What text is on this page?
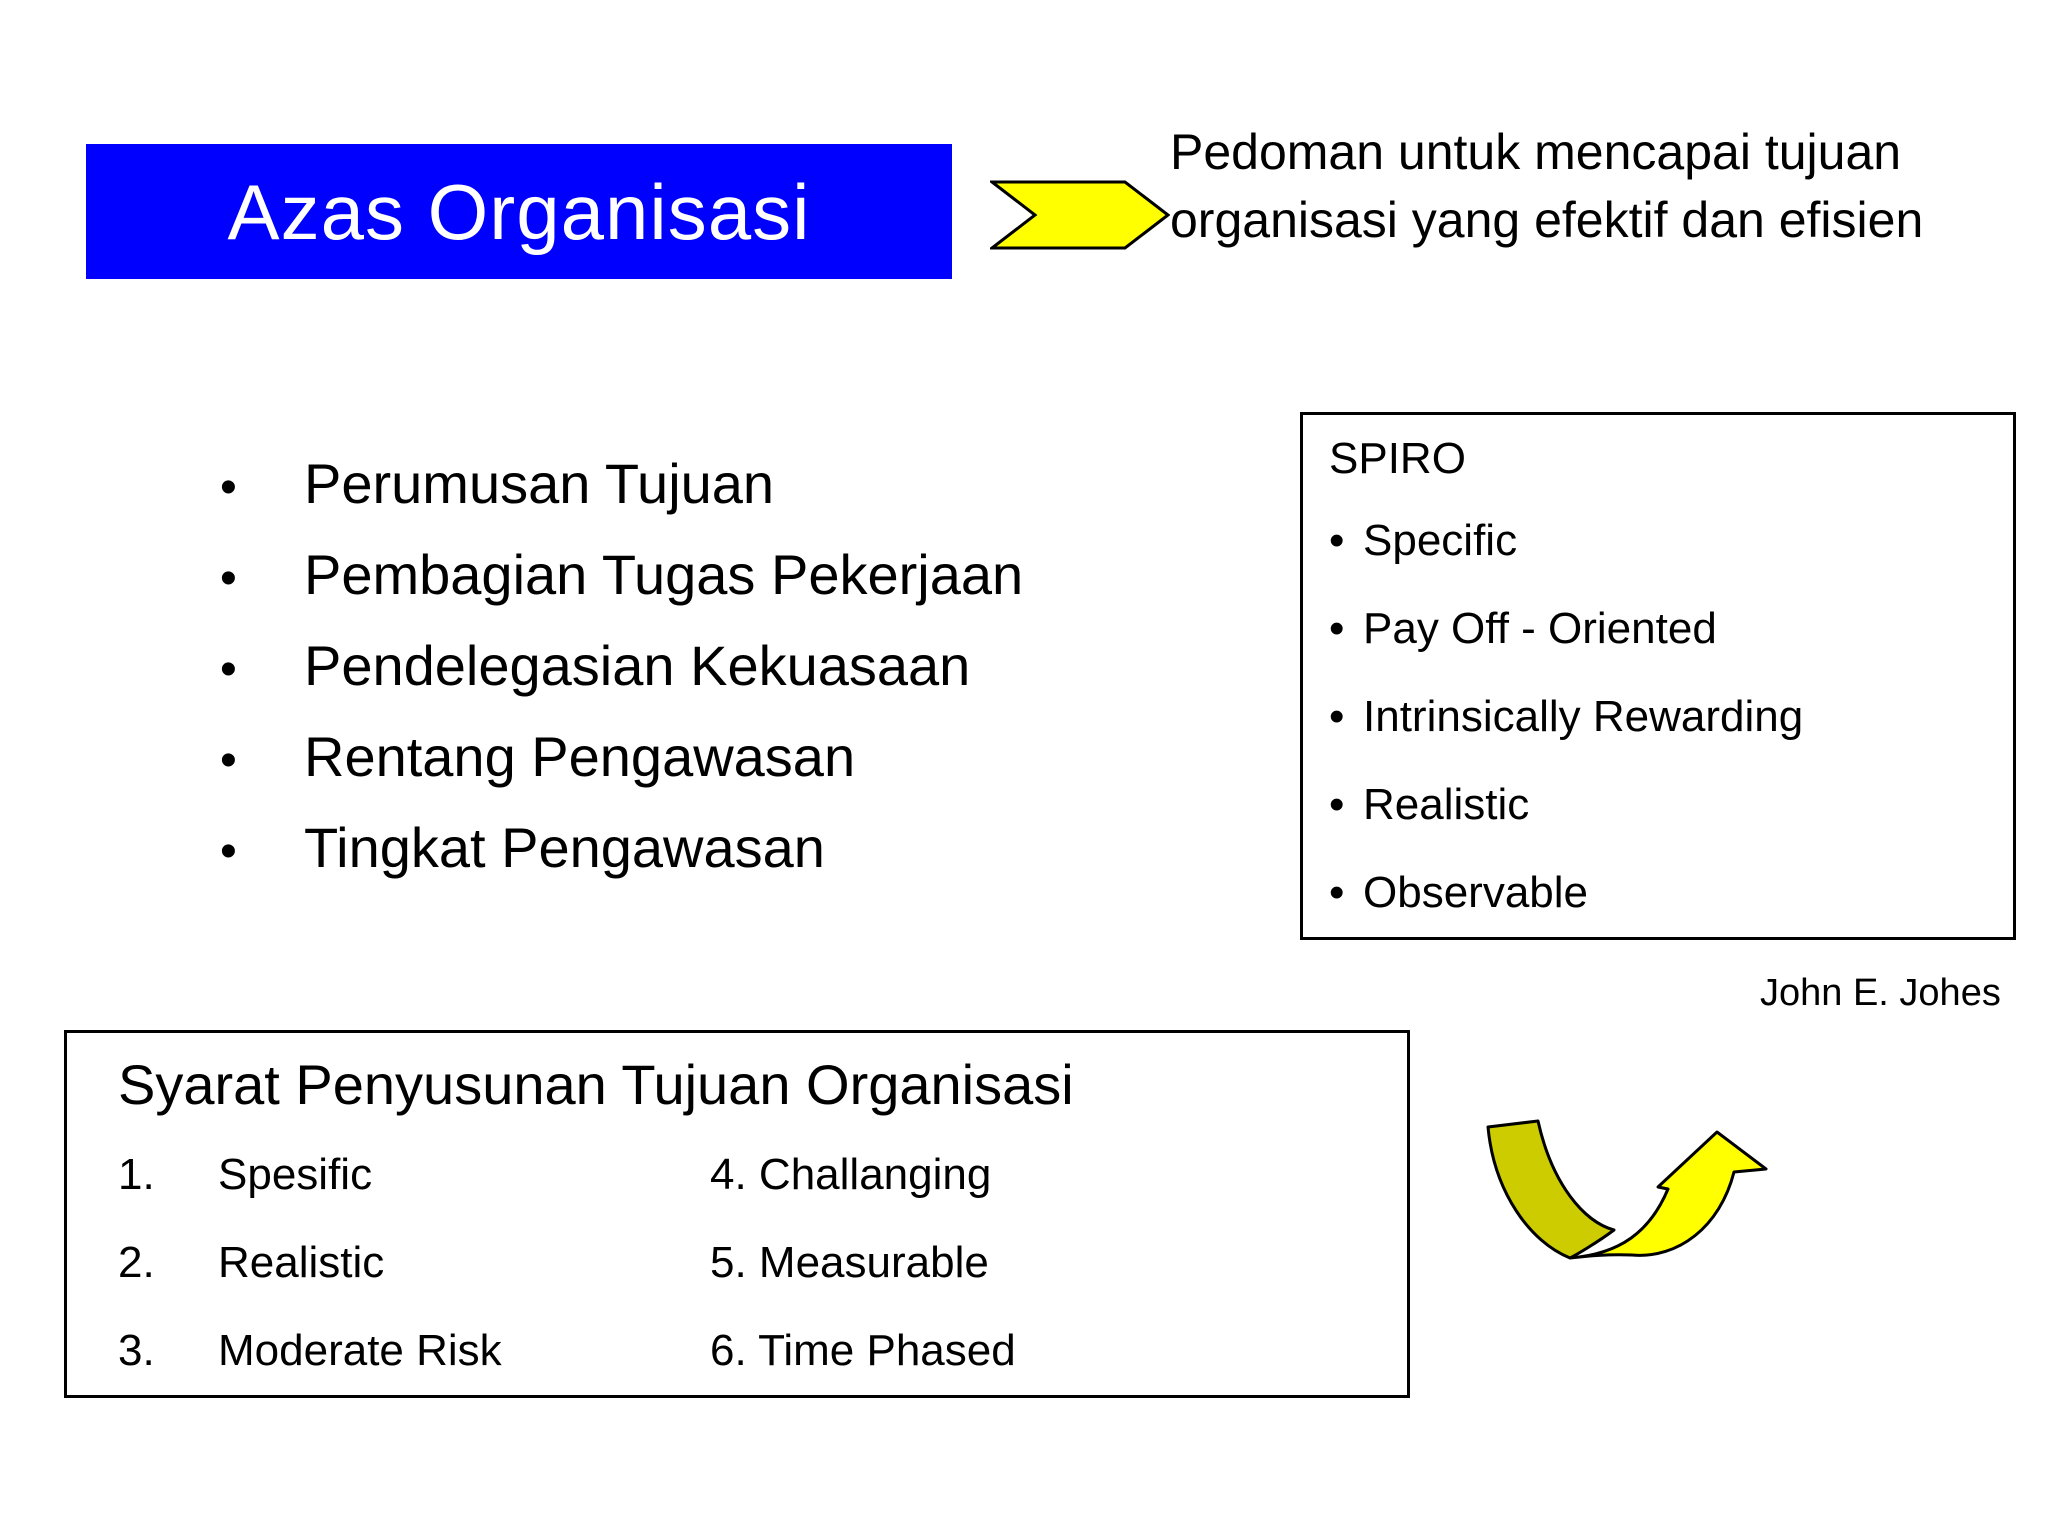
Azas Organisasi
Pedoman untuk mencapai tujuan
organisasi yang efektif dan efisien
• Perumusan Tujuan
• Pembagian Tugas Pekerjaan
• Pendelegasian Kekuasaan
• Rentang Pengawasan
• Tingkat Pengawasan
SPIRO
• Specific
• Pay Off - Oriented
• Intrinsically Rewarding
• Realistic
• Observable
John E. Johes
Syarat Penyusunan Tujuan Organisasi
1. Spesific
2. Realistic
3. Moderate Risk
4. Challanging
5. Measurable
6. Time Phased
